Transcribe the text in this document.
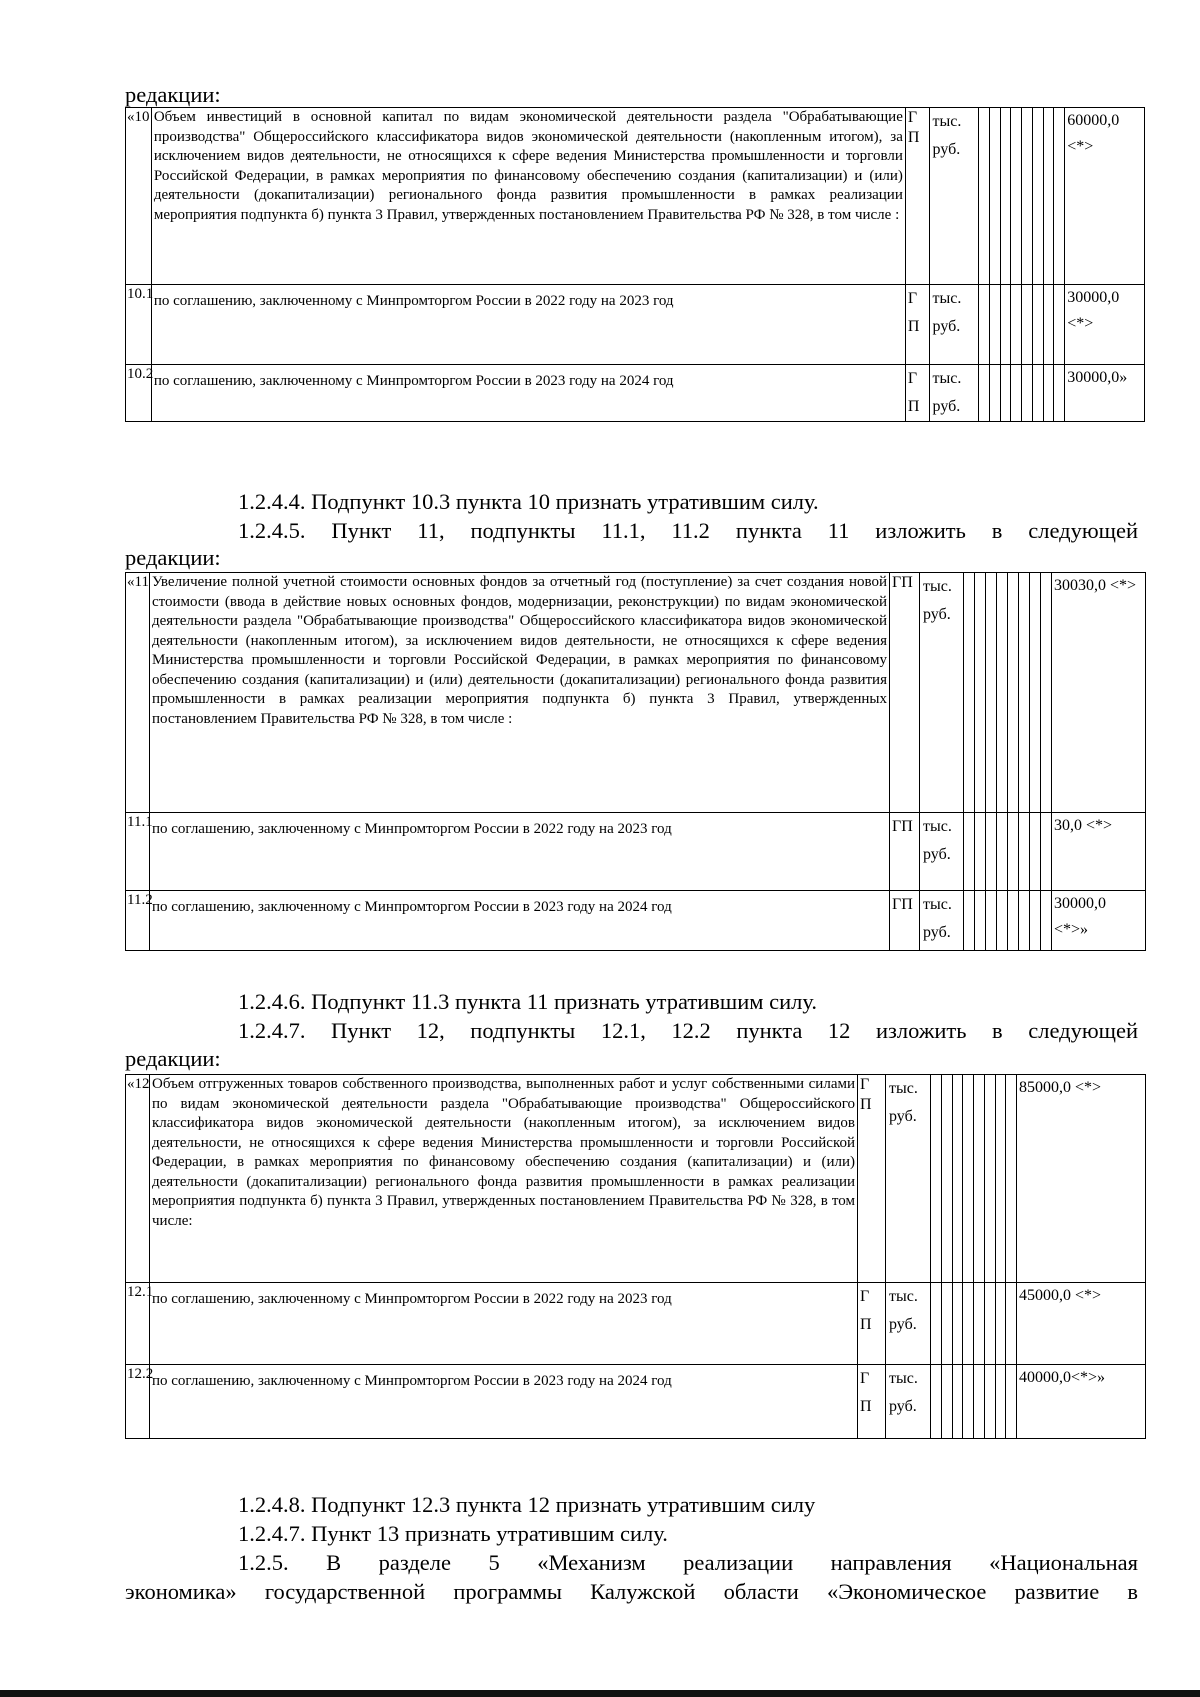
редакции:
«10	Объем инвестиций в основной капитал по видам экономической деятельности раздела "Обрабатывающие производства" Общероссийского классификатора видов экономической деятельности (накопленным итогом), за исключением видов деятельности, не относящихся к сфере ведения Министерства промышленности и торговли Российской Федерации, в рамках мероприятия по финансовому обеспечению создания (капитализации) и (или) деятельности (докапитализации) регионального фонда развития промышленности в рамках реализации мероприятия подпункта б) пункта 3 Правил, утвержденных постановлением Правительства РФ № 328, в том числе :	Г П	тыс. руб.		60000,0 <*>
10.1	по соглашению, заключенному с Минпромторгом России в 2022 году на 2023 год	Г П	тыс. руб.		30000,0 <*>
10.2	по соглашению, заключенному с Минпромторгом России в 2023 году на 2024 год	Г П	тыс. руб.		30000,0»
1.2.4.4. Подпункт 10.3 пункта 10 признать утратившим силу.
1.2.4.5. Пункт 11, подпункты 11.1, 11.2 пункта 11 изложить в следующей
редакции:
«11	Увеличение полной учетной стоимости основных фондов за отчетный год (поступление) за счет создания новой стоимости (ввода в действие новых основных фондов, модернизации, реконструкции) по видам экономической деятельности раздела "Обрабатывающие производства" Общероссийского классификатора видов экономической деятельности (накопленным итогом), за исключением видов деятельности, не относящихся к сфере ведения Министерства промышленности и торговли Российской Федерации, в рамках мероприятия по финансовому обеспечению создания (капитализации) и (или) деятельности (докапитализации) регионального фонда развития промышленности в рамках реализации мероприятия подпункта б) пункта 3 Правил, утвержденных постановлением Правительства РФ № 328, в том числе :	ГП	тыс. руб.		30030,0 <*>
11.1	по соглашению, заключенному с Минпромторгом России в 2022 году на 2023 год	ГП	тыс. руб.		30,0 <*>
11.2	по соглашению, заключенному с Минпромторгом России в 2023 году на 2024 год	ГП	тыс. руб.		30000,0 <*>»
1.2.4.6. Подпункт 11.3 пункта 11 признать утратившим силу.
1.2.4.7. Пункт 12, подпункты 12.1, 12.2 пункта 12 изложить в следующей
редакции:
«12	Объем отгруженных товаров собственного производства, выполненных работ и услуг собственными силами по видам экономической деятельности раздела "Обрабатывающие производства" Общероссийского классификатора видов экономической деятельности (накопленным итогом), за исключением видов деятельности, не относящихся к сфере ведения Министерства промышленности и торговли Российской Федерации, в рамках мероприятия по финансовому обеспечению создания (капитализации) и (или) деятельности (докапитализации) регионального фонда развития промышленности в рамках реализации мероприятия подпункта б) пункта 3 Правил, утвержденных постановлением Правительства РФ № 328, в том числе:	Г П	тыс. руб.		85000,0 <*>
12.1	по соглашению, заключенному с Минпромторгом России в 2022 году на 2023 год	Г П	тыс. руб.		45000,0 <*>
12.2	по соглашению, заключенному с Минпромторгом России в 2023 году на 2024 год	Г П	тыс. руб.		40000,0<*>»
1.2.4.8. Подпункт 12.3 пункта 12 признать утратившим силу
1.2.4.7. Пункт 13 признать утратившим силу.
1.2.5. В разделе 5 «Механизм реализации направления «Национальная
экономика» государственной программы Калужской области «Экономическое развитие в
